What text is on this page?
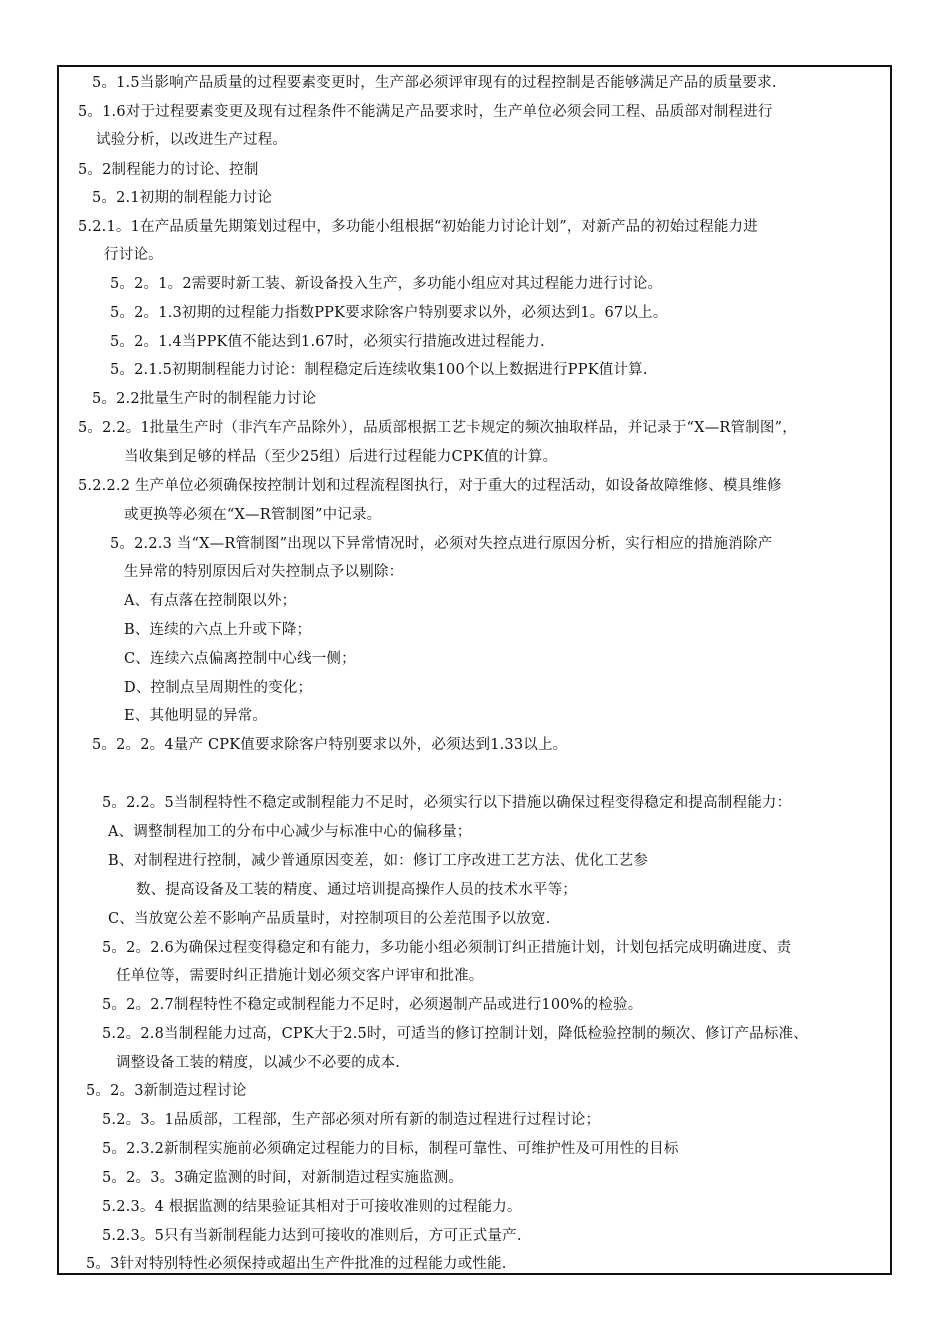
5。1.5当影响产品质量的过程要素变更时，生产部必须评审现有的过程控制是否能够满足产品的质量要求.
5。1.6对于过程要素变更及现有过程条件不能满足产品要求时，生产单位必须会同工程、品质部对制程进行
试验分析，以改进生产过程。
5。2制程能力的讨论、控制
5。2.1初期的制程能力讨论
5.2.1。1在产品质量先期策划过程中，多功能小组根据“初始能力讨论计划”，对新产品的初始过程能力进
行讨论。
5。2。1。2需要时新工装、新设备投入生产，多功能小组应对其过程能力进行讨论。
5。2。1.3初期的过程能力指数PPK要求除客户特别要求以外，必须达到1。67以上。
5。2。1.4当PPK值不能达到1.67时，必须实行措施改进过程能力.
5。2.1.5初期制程能力讨论：制程稳定后连续收集100个以上数据进行PPK值计算.
5。2.2批量生产时的制程能力讨论
5。2.2。1批量生产时（非汽车产品除外），品质部根据工艺卡规定的频次抽取样品，并记录于“X—R管制图”，
当收集到足够的样品（至少25组）后进行过程能力CPK值的计算。
5.2.2.2 生产单位必须确保按控制计划和过程流程图执行，对于重大的过程活动，如设备故障维修、模具维修
或更换等必须在“X—R管制图”中记录。
5。2.2.3 当“X—R管制图”出现以下异常情况时，必须对失控点进行原因分析，实行相应的措施消除产
生异常的特别原因后对失控制点予以剔除：
A、有点落在控制限以外；
B、连续的六点上升或下降；
C、连续六点偏离控制中心线一侧；
D、控制点呈周期性的变化；
E、其他明显的异常。
5。2。2。4量产 CPK值要求除客户特别要求以外，必须达到1.33以上。
5。2.2。5当制程特性不稳定或制程能力不足时，必须实行以下措施以确保过程变得稳定和提高制程能力：
A、调整制程加工的分布中心减少与标准中心的偏移量；
B、对制程进行控制，减少普通原因变差，如：修订工序改进工艺方法、优化工艺参
数、提高设备及工装的精度、通过培训提高操作人员的技术水平等；
C、当放宽公差不影响产品质量时，对控制项目的公差范围予以放宽.
5。2。2.6为确保过程变得稳定和有能力，多功能小组必须制订纠正措施计划，计划包括完成明确进度、责
任单位等，需要时纠正措施计划必须交客户评审和批准。
5。2。2.7制程特性不稳定或制程能力不足时，必须遏制产品或进行100%的检验。
5.2。2.8当制程能力过高，CPK大于2.5时，可适当的修订控制计划，降低检验控制的频次、修订产品标准、
调整设备工装的精度，以减少不必要的成本.
5。2。3新制造过程讨论
5.2。3。1品质部，工程部，生产部必须对所有新的制造过程进行过程讨论；
5。2.3.2新制程实施前必须确定过程能力的目标，制程可靠性、可维护性及可用性的目标
5。2。3。3确定监测的时间，对新制造过程实施监测。
5.2.3。4 根据监测的结果验证其相对于可接收准则的过程能力。
5.2.3。5只有当新制程能力达到可接收的准则后，方可正式量产.
5。3针对特别特性必须保持或超出生产件批准的过程能力或性能.
